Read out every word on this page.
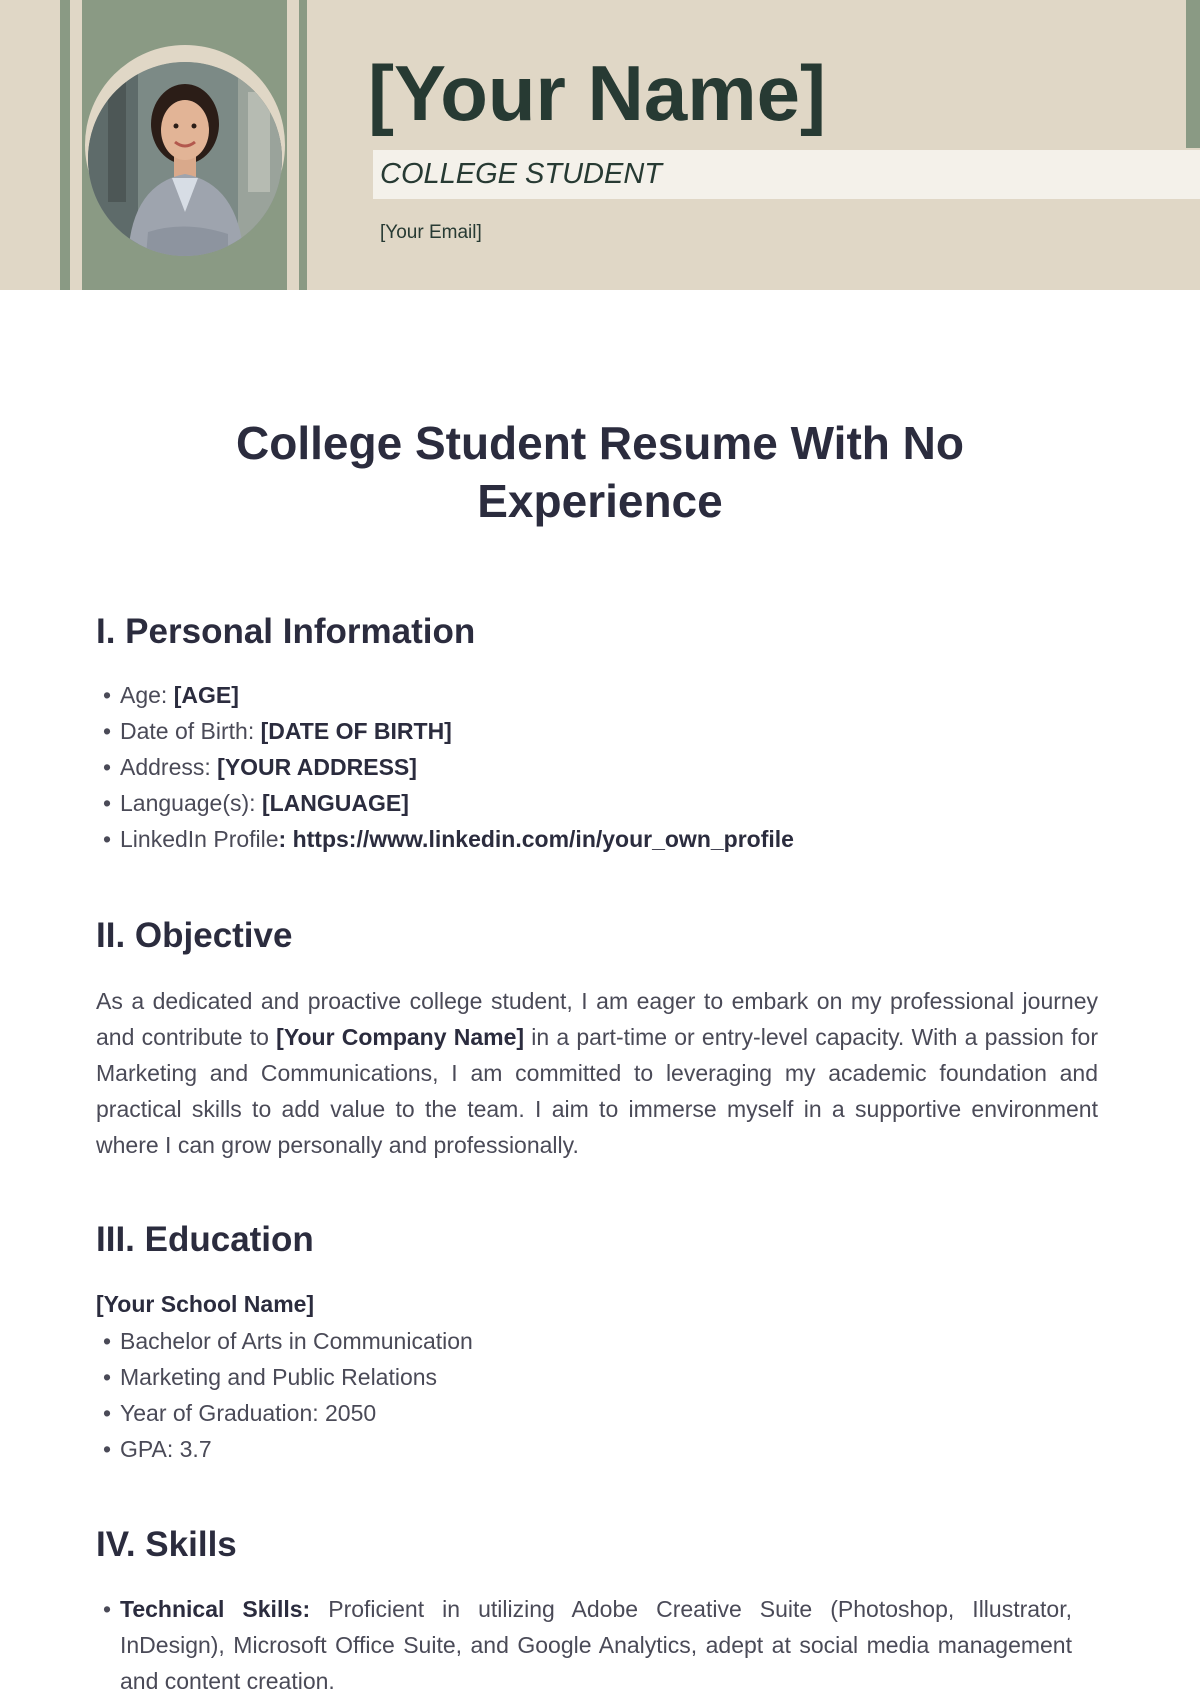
[Your Name]
COLLEGE STUDENT
[Your Email]
College Student Resume With No
Experience
I. Personal Information
• Age: [AGE]
• Date of Birth: [DATE OF BIRTH]
• Address: [YOUR ADDRESS]
• Language(s): [LANGUAGE]
• LinkedIn Profile: https://www.linkedin.com/in/your_own_profile
II. Objective

As a dedicated and proactive college student, I am eager to embark on my professional journey and contribute to [Your Company Name] in a part-time or entry-level capacity. With a passion for Marketing and Communications, I am committed to leveraging my academic foundation and practical skills to add value to the team. I aim to immerse myself in a supportive environment where I can grow personally and professionally.

III. Education
[Your School Name]
• Bachelor of Arts in Communication
• Marketing and Public Relations
• Year of Graduation: 2050
• GPA: 3.7
IV. Skills
• Technical Skills: Proficient in utilizing Adobe Creative Suite (Photoshop, Illustrator, InDesign), Microsoft Office Suite, and Google Analytics, adept at social media management and content creation.
